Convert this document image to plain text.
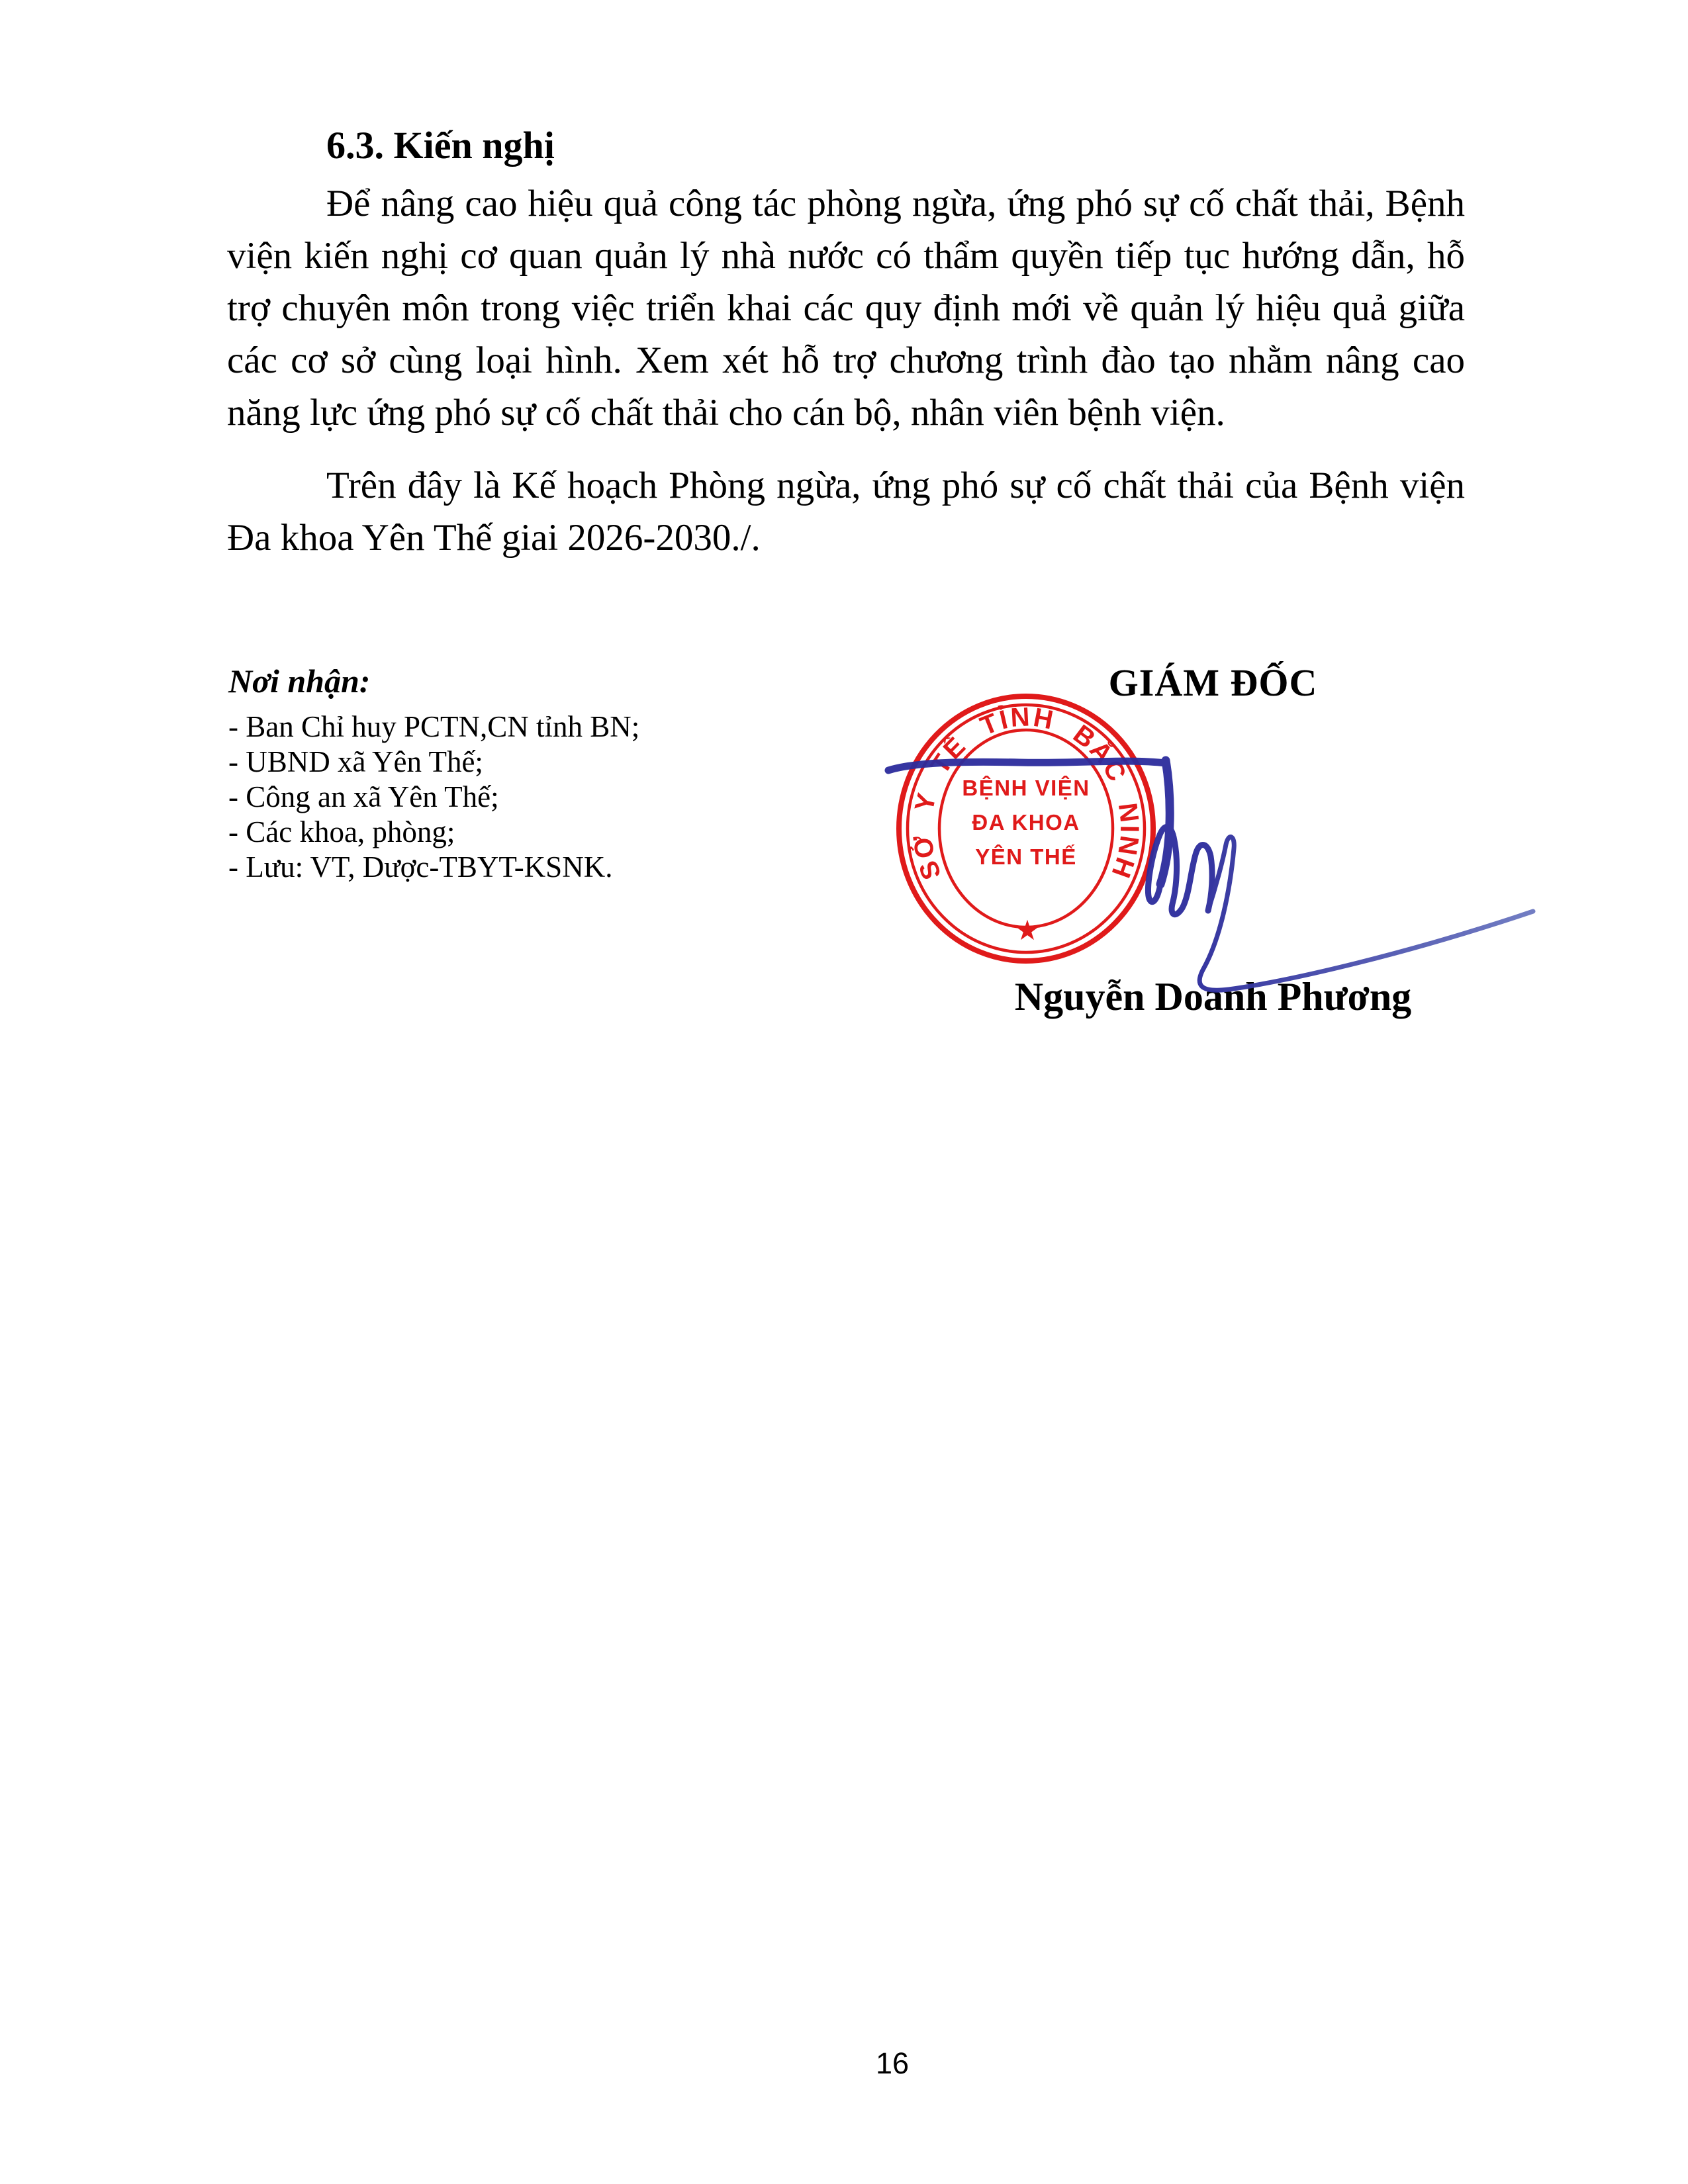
6.3. Kiến nghị
Để nâng cao hiệu quả công tác phòng ngừa, ứng phó sự cố chất thải, Bệnh viện kiến nghị cơ quan quản lý nhà nước có thẩm quyền tiếp tục hướng dẫn, hỗ trợ chuyên môn trong việc triển khai các quy định mới về quản lý hiệu quả giữa các cơ sở cùng loại hình. Xem xét hỗ trợ chương trình đào tạo nhằm nâng cao năng lực ứng phó sự cố chất thải cho cán bộ, nhân viên bệnh viện.
Trên đây là Kế hoạch Phòng ngừa, ứng phó sự cố chất thải của Bệnh viện Đa khoa Yên Thế giai 2026-2030./.
Nơi nhận:
- Ban Chỉ huy PCTN,CN tỉnh BN;
- UBND xã Yên Thế;
- Công an xã Yên Thế;
- Các khoa, phòng;
- Lưu: VT, Dược-TBYT-KSNK.
GIÁM ĐỐC
SỞ Y TẾ TỈNH BẮC NINH
BỆNH VIỆN
ĐA KHOA
YÊN THẾ
★
Nguyễn Doanh Phương
16
